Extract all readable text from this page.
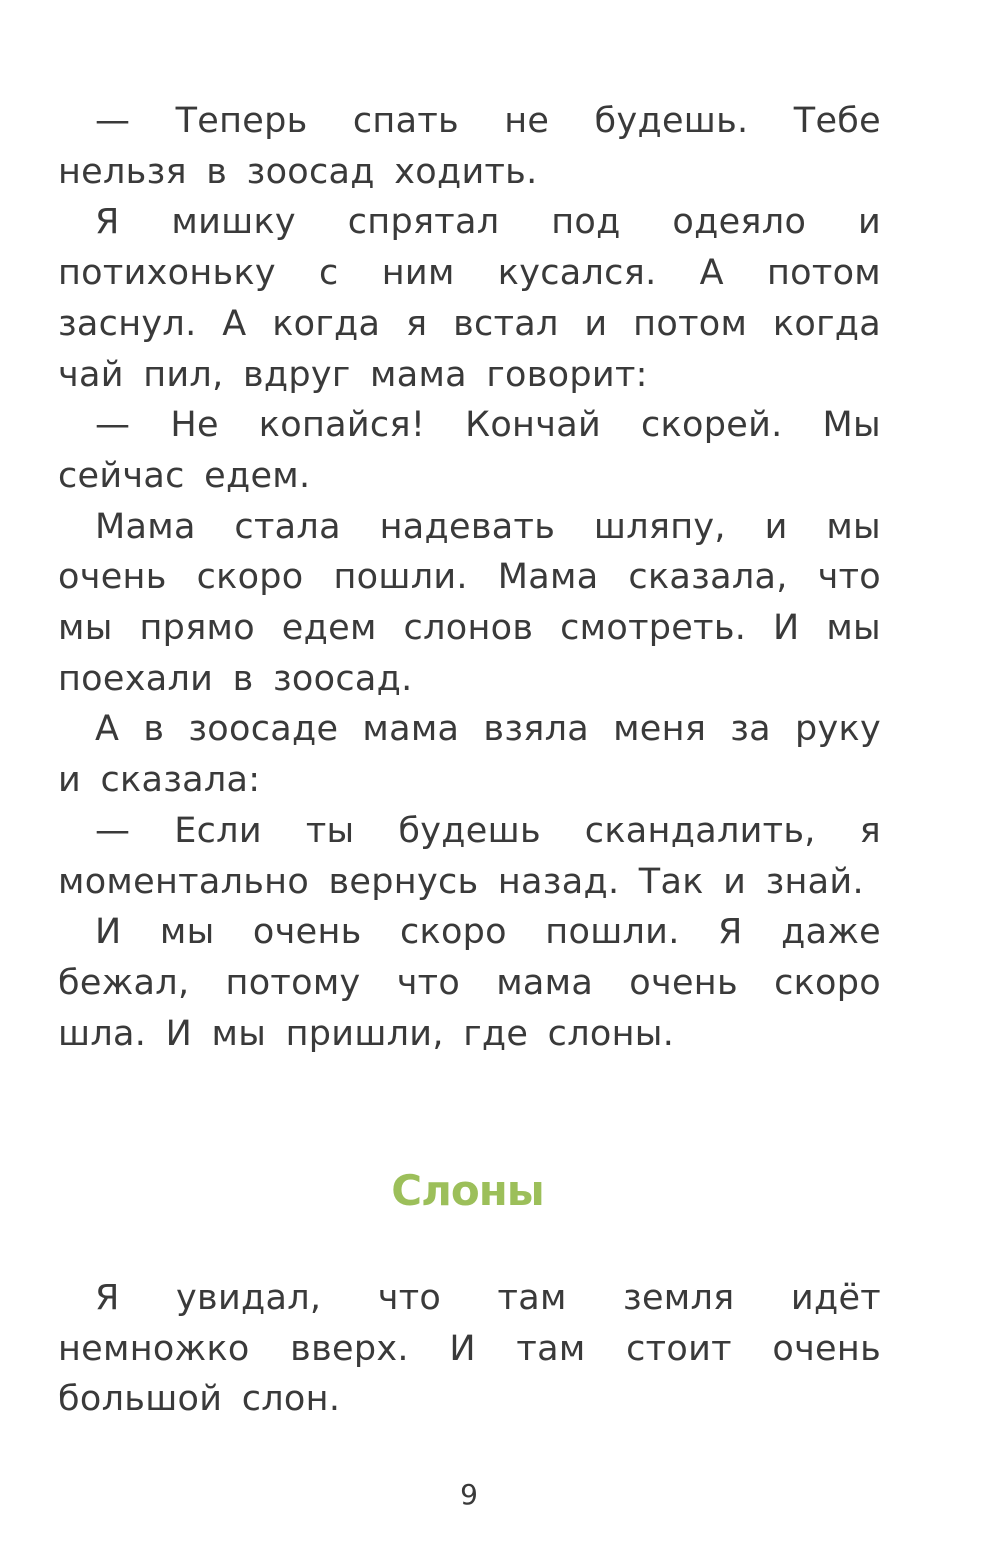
— Теперь спать не будешь. Тебе нельзя в зоосад ходить.

Я мишку спрятал под одеяло и потихоньку с ним кусался. А потом заснул. А когда я встал и потом когда чай пил, вдруг мама говорит:

— Не копайся! Кончай скорей. Мы сейчас едем.

Мама стала надевать шляпу, и мы очень скоро пошли. Мама сказала, что мы прямо едем слонов смотреть. И мы поехали в зоосад.

А в зоосаде мама взяла меня за руку и сказала:

— Если ты будешь скандалить, я моментально вернусь назад. Так и знай.

И мы очень скоро пошли. Я даже бежал, потому что мама очень скоро шла. И мы пришли, где слоны.

Слоны

Я увидал, что там земля идёт немножко вверх. И там стоит очень большой слон.

9
